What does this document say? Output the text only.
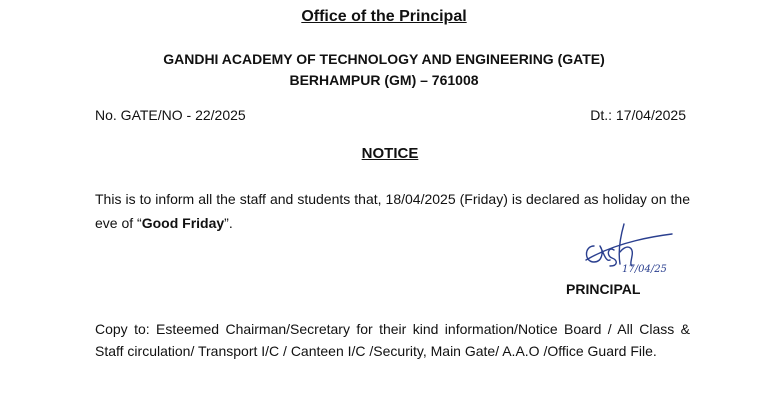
Office of the Principal
GANDHI ACADEMY OF TECHNOLOGY AND ENGINEERING (GATE)
BERHAMPUR (GM) – 761008
No. GATE/NO - 22/2025	Dt.: 17/04/2025
NOTICE
This is to inform all the staff and students that, 18/04/2025 (Friday) is declared as holiday on the eve of “Good Friday”.
17/04/25
PRINCIPAL
Copy to: Esteemed Chairman/Secretary for their kind information/Notice Board / All Class & Staff circulation/ Transport I/C / Canteen I/C /Security, Main Gate/ A.A.O /Office Guard File.
